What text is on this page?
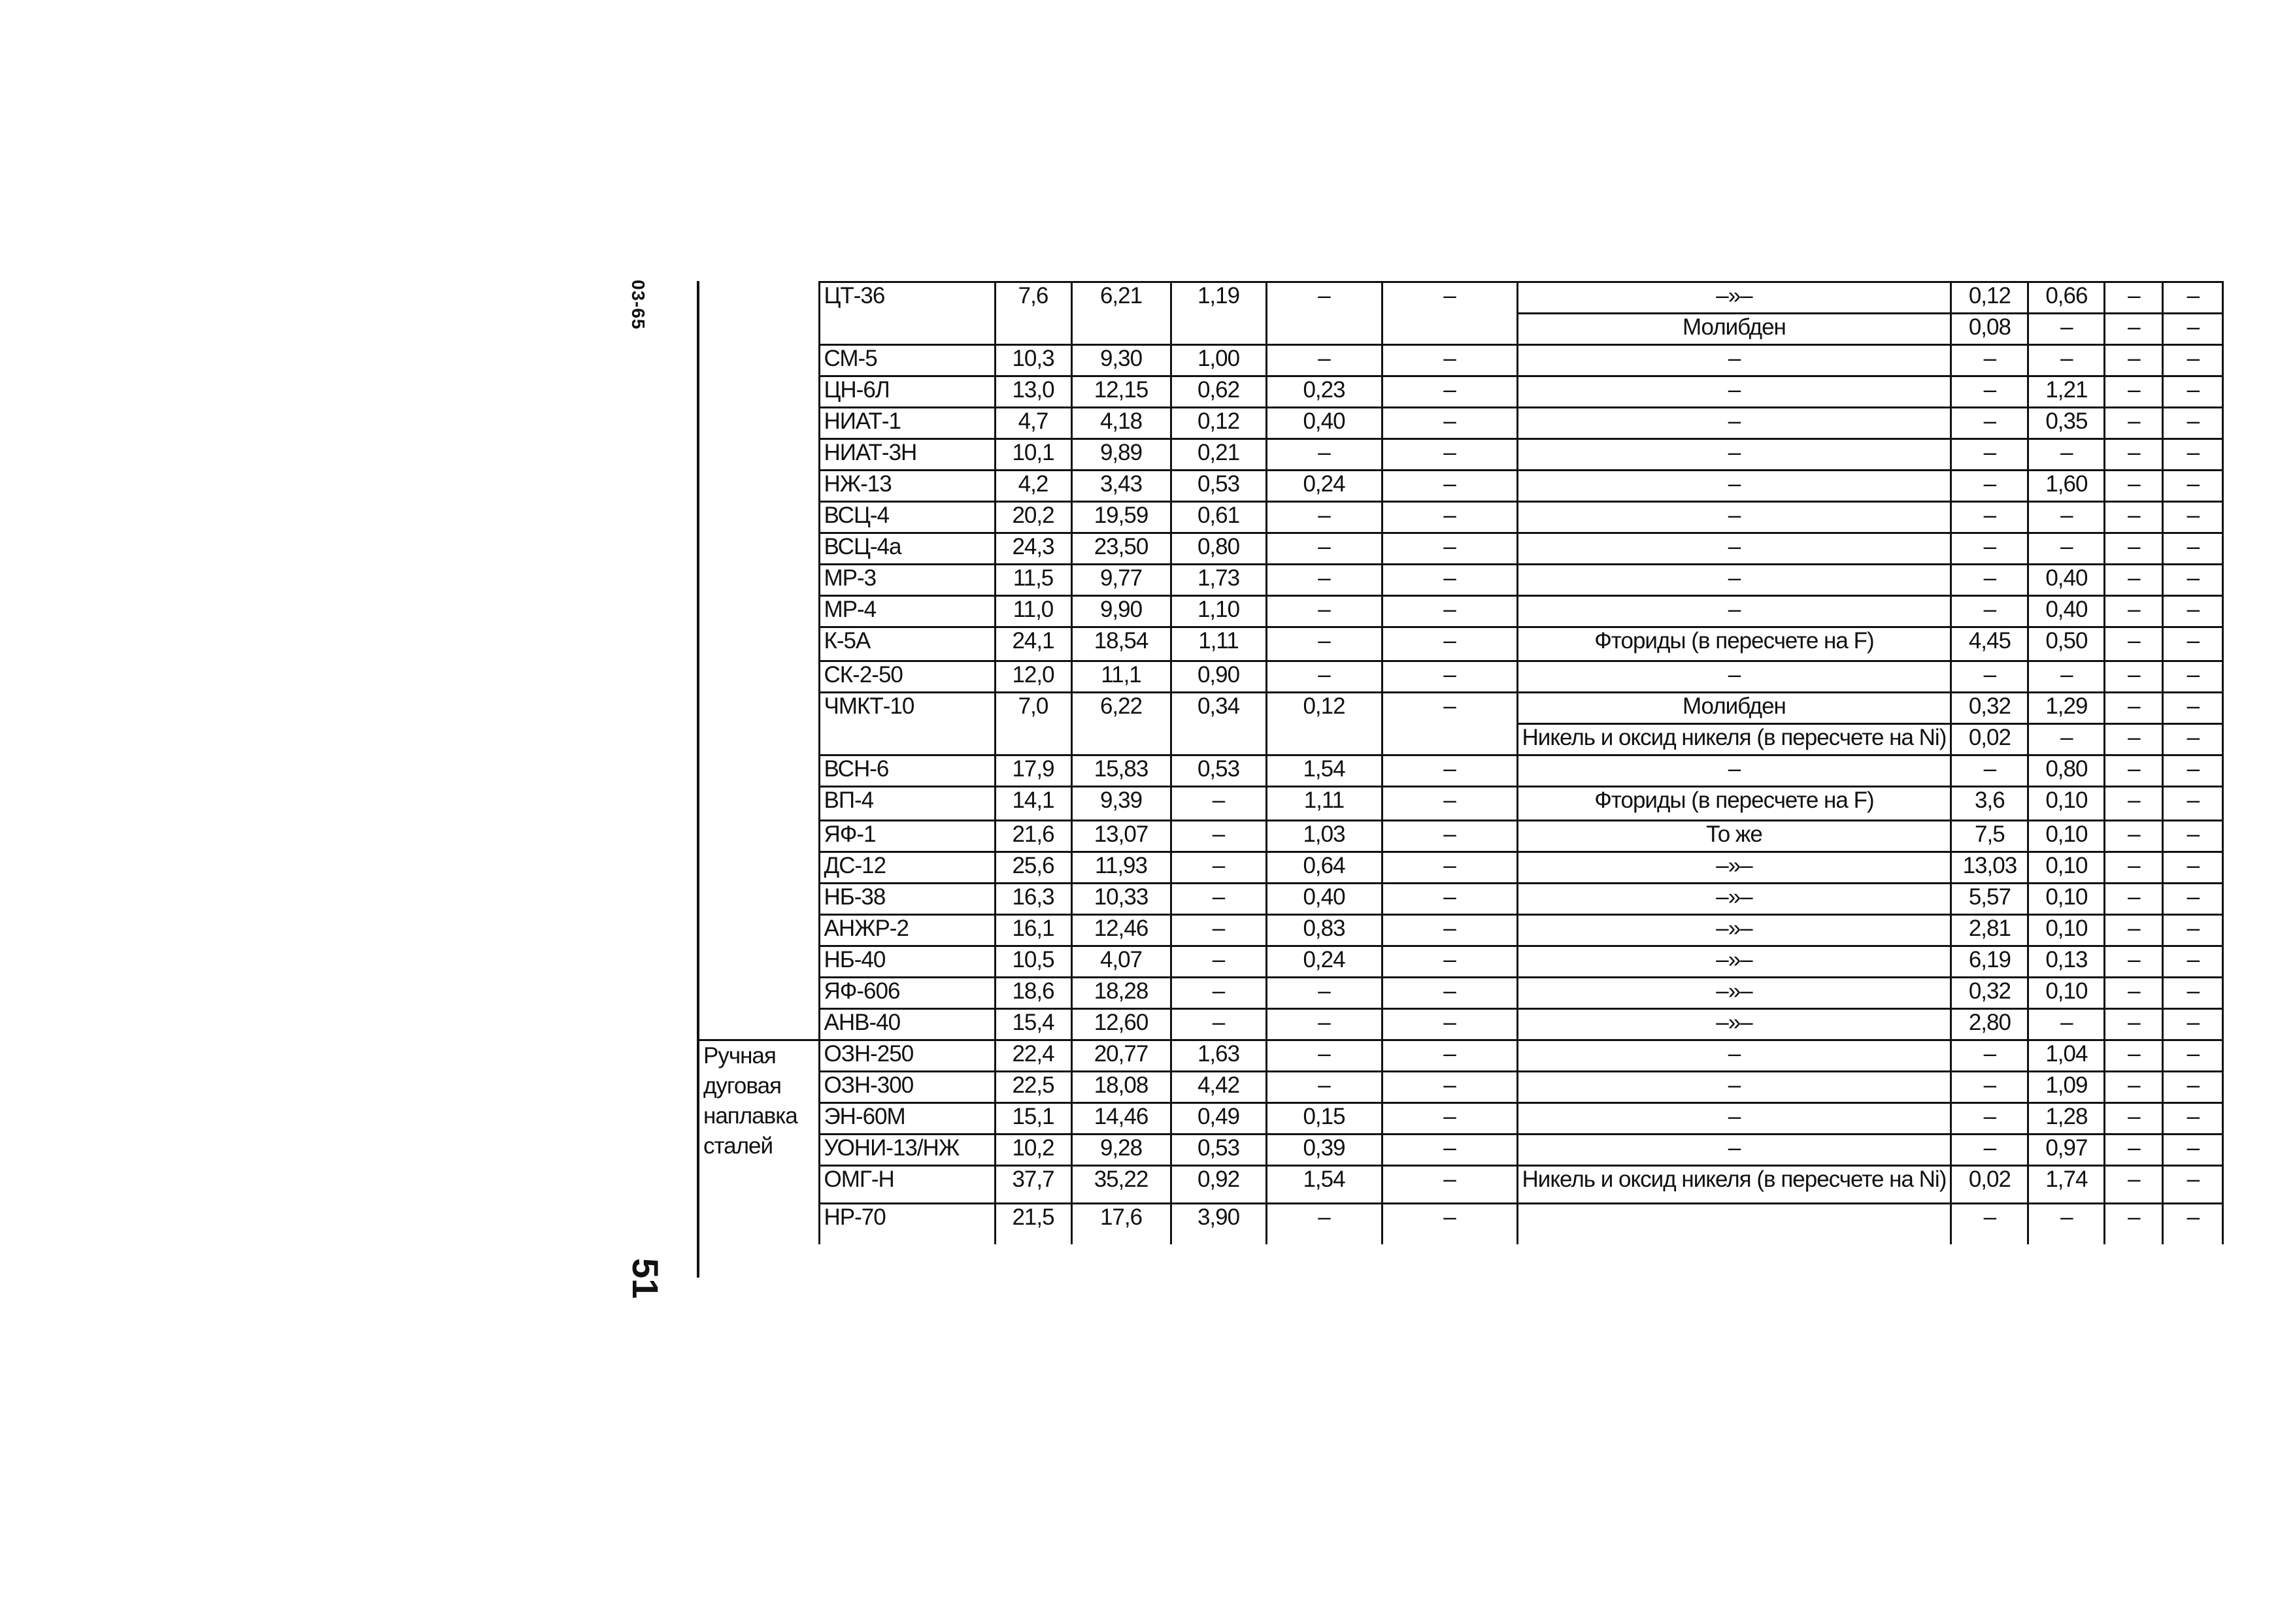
03-65
51
	ЦТ-36	7,6	6,21	1,19	–	–	–»–	0,12	0,66	–	–
							Молибден	0,08	–	–	–
	СМ-5	10,3	9,30	1,00	–	–	–	–	–	–	–
	ЦН-6Л	13,0	12,15	0,62	0,23	–	–	–	1,21	–	–
	НИАТ-1	4,7	4,18	0,12	0,40	–	–	–	0,35	–	–
	НИАТ-3Н	10,1	9,89	0,21	–	–	–	–	–	–	–
	НЖ-13	4,2	3,43	0,53	0,24	–	–	–	1,60	–	–
	ВСЦ-4	20,2	19,59	0,61	–	–	–	–	–	–	–
	ВСЦ-4а	24,3	23,50	0,80	–	–	–	–	–	–	–
	МР-3	11,5	9,77	1,73	–	–	–	–	0,40	–	–
	МР-4	11,0	9,90	1,10	–	–	–	–	0,40	–	–
	К-5А	24,1	18,54	1,11	–	–	Фториды (в пересчете на F)	4,45	0,50	–	–
	СК-2-50	12,0	11,1	0,90	–	–	–	–	–	–	–
	ЧМКТ-10	7,0	6,22	0,34	0,12	–	Молибден	0,32	1,29	–	–
							Никель и оксид никеля (в пересчете на Ni)	0,02	–	–	–
	ВСН-6	17,9	15,83	0,53	1,54	–	–	–	0,80	–	–
	ВП-4	14,1	9,39	–	1,11	–	Фториды (в пересчете на F)	3,6	0,10	–	–
	ЯФ-1	21,6	13,07	–	1,03	–	То же	7,5	0,10	–	–
	ДС-12	25,6	11,93	–	0,64	–	–»–	13,03	0,10	–	–
	НБ-38	16,3	10,33	–	0,40	–	–»–	5,57	0,10	–	–
	АНЖР-2	16,1	12,46	–	0,83	–	–»–	2,81	0,10	–	–
	НБ-40	10,5	4,07	–	0,24	–	–»–	6,19	0,13	–	–
	ЯФ-606	18,6	18,28	–	–	–	–»–	0,32	0,10	–	–
	АНВ-40	15,4	12,60	–	–	–	–»–	2,80	–	–	–
Ручная дуговая наплавка сталей	ОЗН-250	22,4	20,77	1,63	–	–	–	–	1,04	–	–
	ОЗН-300	22,5	18,08	4,42	–	–	–	–	1,09	–	–
	ЭН-60М	15,1	14,46	0,49	0,15	–	–	–	1,28	–	–
	УОНИ-13/НЖ	10,2	9,28	0,53	0,39	–	–	–	0,97	–	–
	ОМГ-Н	37,7	35,22	0,92	1,54	–	Никель и оксид никеля (в пересчете на Ni)	0,02	1,74	–	–
	НР-70	21,5	17,6	3,90	–	–		–	–	–	–
